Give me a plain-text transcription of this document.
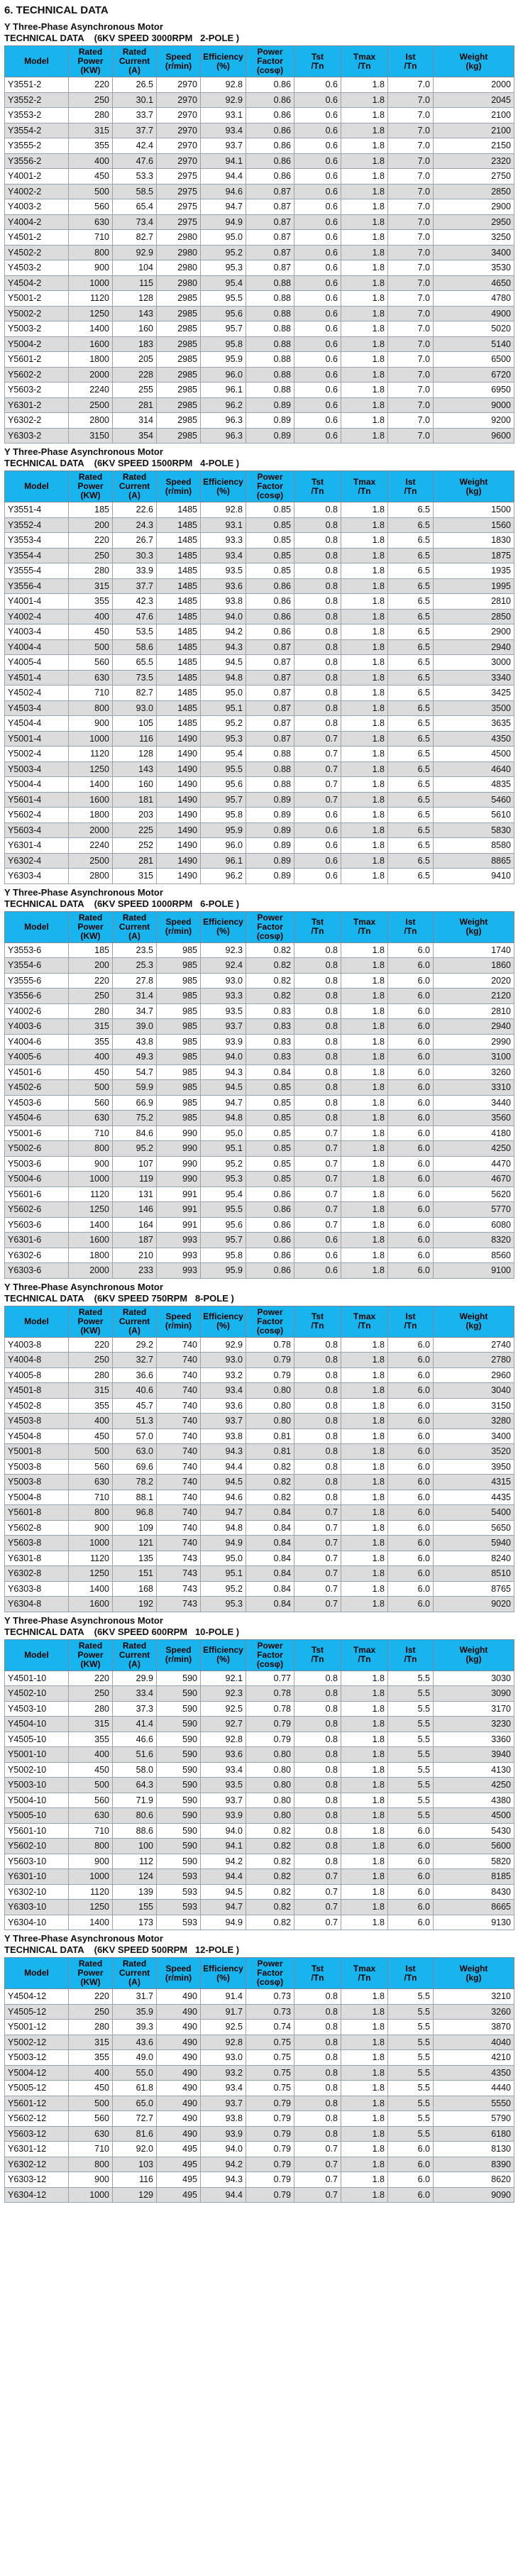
6. TECHNICAL DATA
Y Three-Phase Asynchronous Motor
TECHNICAL DATA    (6KV SPEED 3000RPM   2-POLE )
Model	Rated
Power
(KW)	Rated
Current
(A)	Speed
(r/min)	Efficiency
(%)	Power
Factor
(cosφ)	Tst
/Tn	Tmax
/Tn	Ist
/Tn	Weight
(kg)

Y3551-2	220	26.5	2970	92.8	0.86	0.6	1.8	7.0	2000
Y3552-2	250	30.1	2970	92.9	0.86	0.6	1.8	7.0	2045
Y3553-2	280	33.7	2970	93.1	0.86	0.6	1.8	7.0	2100
Y3554-2	315	37.7	2970	93.4	0.86	0.6	1.8	7.0	2100
Y3555-2	355	42.4	2970	93.7	0.86	0.6	1.8	7.0	2150
Y3556-2	400	47.6	2970	94.1	0.86	0.6	1.8	7.0	2320
Y4001-2	450	53.3	2975	94.4	0.86	0.6	1.8	7.0	2750
Y4002-2	500	58.5	2975	94.6	0.87	0.6	1.8	7.0	2850
Y4003-2	560	65.4	2975	94.7	0.87	0.6	1.8	7.0	2900
Y4004-2	630	73.4	2975	94.9	0.87	0.6	1.8	7.0	2950
Y4501-2	710	82.7	2980	95.0	0.87	0.6	1.8	7.0	3250
Y4502-2	800	92.9	2980	95.2	0.87	0.6	1.8	7.0	3400
Y4503-2	900	104	2980	95.3	0.87	0.6	1.8	7.0	3530
Y4504-2	1000	115	2980	95.4	0.88	0.6	1.8	7.0	4650
Y5001-2	1120	128	2985	95.5	0.88	0.6	1.8	7.0	4780
Y5002-2	1250	143	2985	95.6	0.88	0.6	1.8	7.0	4900
Y5003-2	1400	160	2985	95.7	0.88	0.6	1.8	7.0	5020
Y5004-2	1600	183	2985	95.8	0.88	0.6	1.8	7.0	5140
Y5601-2	1800	205	2985	95.9	0.88	0.6	1.8	7.0	6500
Y5602-2	2000	228	2985	96.0	0.88	0.6	1.8	7.0	6720
Y5603-2	2240	255	2985	96.1	0.88	0.6	1.8	7.0	6950
Y6301-2	2500	281	2985	96.2	0.89	0.6	1.8	7.0	9000
Y6302-2	2800	314	2985	96.3	0.89	0.6	1.8	7.0	9200
Y6303-2	3150	354	2985	96.3	0.89	0.6	1.8	7.0	9600
Y Three-Phase Asynchronous Motor
TECHNICAL DATA    (6KV SPEED 1500RPM   4-POLE )
Model	Rated
Power
(KW)	Rated
Current
(A)	Speed
(r/min)	Efficiency
(%)	Power
Factor
(cosφ)	Tst
/Tn	Tmax
/Tn	Ist
/Tn	Weight
(kg)

Y3551-4	185	22.6	1485	92.8	0.85	0.8	1.8	6.5	1500
Y3552-4	200	24.3	1485	93.1	0.85	0.8	1.8	6.5	1560
Y3553-4	220	26.7	1485	93.3	0.85	0.8	1.8	6.5	1830
Y3554-4	250	30.3	1485	93.4	0.85	0.8	1.8	6.5	1875
Y3555-4	280	33.9	1485	93.5	0.85	0.8	1.8	6.5	1935
Y3556-4	315	37.7	1485	93.6	0.86	0.8	1.8	6.5	1995
Y4001-4	355	42.3	1485	93.8	0.86	0.8	1.8	6.5	2810
Y4002-4	400	47.6	1485	94.0	0.86	0.8	1.8	6.5	2850
Y4003-4	450	53.5	1485	94.2	0.86	0.8	1.8	6.5	2900
Y4004-4	500	58.6	1485	94.3	0.87	0.8	1.8	6.5	2940
Y4005-4	560	65.5	1485	94.5	0.87	0.8	1.8	6.5	3000
Y4501-4	630	73.5	1485	94.8	0.87	0.8	1.8	6.5	3340
Y4502-4	710	82.7	1485	95.0	0.87	0.8	1.8	6.5	3425
Y4503-4	800	93.0	1485	95.1	0.87	0.8	1.8	6.5	3500
Y4504-4	900	105	1485	95.2	0.87	0.8	1.8	6.5	3635
Y5001-4	1000	116	1490	95.3	0.87	0.7	1.8	6.5	4350
Y5002-4	1120	128	1490	95.4	0.88	0.7	1.8	6.5	4500
Y5003-4	1250	143	1490	95.5	0.88	0.7	1.8	6.5	4640
Y5004-4	1400	160	1490	95.6	0.88	0.7	1.8	6.5	4835
Y5601-4	1600	181	1490	95.7	0.89	0.7	1.8	6.5	5460
Y5602-4	1800	203	1490	95.8	0.89	0.6	1.8	6.5	5610
Y5603-4	2000	225	1490	95.9	0.89	0.6	1.8	6.5	5830
Y6301-4	2240	252	1490	96.0	0.89	0.6	1.8	6.5	8580
Y6302-4	2500	281	1490	96.1	0.89	0.6	1.8	6.5	8865
Y6303-4	2800	315	1490	96.2	0.89	0.6	1.8	6.5	9410
Y Three-Phase Asynchronous Motor
TECHNICAL DATA    (6KV SPEED 1000RPM   6-POLE )
Model	Rated
Power
(KW)	Rated
Current
(A)	Speed
(r/min)	Efficiency
(%)	Power
Factor
(cosφ)	Tst
/Tn	Tmax
/Tn	Ist
/Tn	Weight
(kg)

Y3553-6	185	23.5	985	92.3	0.82	0.8	1.8	6.0	1740
Y3554-6	200	25.3	985	92.4	0.82	0.8	1.8	6.0	1860
Y3555-6	220	27.8	985	93.0	0.82	0.8	1.8	6.0	2020
Y3556-6	250	31.4	985	93.3	0.82	0.8	1.8	6.0	2120
Y4002-6	280	34.7	985	93.5	0.83	0.8	1.8	6.0	2810
Y4003-6	315	39.0	985	93.7	0.83	0.8	1.8	6.0	2940
Y4004-6	355	43.8	985	93.9	0.83	0.8	1.8	6.0	2990
Y4005-6	400	49.3	985	94.0	0.83	0.8	1.8	6.0	3100
Y4501-6	450	54.7	985	94.3	0.84	0.8	1.8	6.0	3260
Y4502-6	500	59.9	985	94.5	0.85	0.8	1.8	6.0	3310
Y4503-6	560	66.9	985	94.7	0.85	0.8	1.8	6.0	3440
Y4504-6	630	75.2	985	94.8	0.85	0.8	1.8	6.0	3560
Y5001-6	710	84.6	990	95.0	0.85	0.7	1.8	6.0	4180
Y5002-6	800	95.2	990	95.1	0.85	0.7	1.8	6.0	4250
Y5003-6	900	107	990	95.2	0.85	0.7	1.8	6.0	4470
Y5004-6	1000	119	990	95.3	0.85	0.7	1.8	6.0	4670
Y5601-6	1120	131	991	95.4	0.86	0.7	1.8	6.0	5620
Y5602-6	1250	146	991	95.5	0.86	0.7	1.8	6.0	5770
Y5603-6	1400	164	991	95.6	0.86	0.7	1.8	6.0	6080
Y6301-6	1600	187	993	95.7	0.86	0.6	1.8	6.0	8320
Y6302-6	1800	210	993	95.8	0.86	0.6	1.8	6.0	8560
Y6303-6	2000	233	993	95.9	0.86	0.6	1.8	6.0	9100
Y Three-Phase Asynchronous Motor
TECHNICAL DATA    (6KV SPEED 750RPM   8-POLE )
Model	Rated
Power
(KW)	Rated
Current
(A)	Speed
(r/min)	Efficiency
(%)	Power
Factor
(cosφ)	Tst
/Tn	Tmax
/Tn	Ist
/Tn	Weight
(kg)

Y4003-8	220	29.2	740	92.9	0.78	0.8	1.8	6.0	2740
Y4004-8	250	32.7	740	93.0	0.79	0.8	1.8	6.0	2780
Y4005-8	280	36.6	740	93.2	0.79	0.8	1.8	6.0	2960
Y4501-8	315	40.6	740	93.4	0.80	0.8	1.8	6.0	3040
Y4502-8	355	45.7	740	93.6	0.80	0.8	1.8	6.0	3150
Y4503-8	400	51.3	740	93.7	0.80	0.8	1.8	6.0	3280
Y4504-8	450	57.0	740	93.8	0.81	0.8	1.8	6.0	3400
Y5001-8	500	63.0	740	94.3	0.81	0.8	1.8	6.0	3520
Y5003-8	560	69.6	740	94.4	0.82	0.8	1.8	6.0	3950
Y5003-8	630	78.2	740	94.5	0.82	0.8	1.8	6.0	4315
Y5004-8	710	88.1	740	94.6	0.82	0.8	1.8	6.0	4435
Y5601-8	800	96.8	740	94.7	0.84	0.7	1.8	6.0	5400
Y5602-8	900	109	740	94.8	0.84	0.7	1.8	6.0	5650
Y5603-8	1000	121	740	94.9	0.84	0.7	1.8	6.0	5940
Y6301-8	1120	135	743	95.0	0.84	0.7	1.8	6.0	8240
Y6302-8	1250	151	743	95.1	0.84	0.7	1.8	6.0	8510
Y6303-8	1400	168	743	95.2	0.84	0.7	1.8	6.0	8765
Y6304-8	1600	192	743	95.3	0.84	0.7	1.8	6.0	9020
Y Three-Phase Asynchronous Motor
TECHNICAL DATA    (6KV SPEED 600RPM   10-POLE )
Model	Rated
Power
(KW)	Rated
Current
(A)	Speed
(r/min)	Efficiency
(%)	Power
Factor
(cosφ)	Tst
/Tn	Tmax
/Tn	Ist
/Tn	Weight
(kg)

Y4501-10	220	29.9	590	92.1	0.77	0.8	1.8	5.5	3030
Y4502-10	250	33.4	590	92.3	0.78	0.8	1.8	5.5	3090
Y4503-10	280	37.3	590	92.5	0.78	0.8	1.8	5.5	3170
Y4504-10	315	41.4	590	92.7	0.79	0.8	1.8	5.5	3230
Y4505-10	355	46.6	590	92.8	0.79	0.8	1.8	5.5	3360
Y5001-10	400	51.6	590	93.6	0.80	0.8	1.8	5.5	3940
Y5002-10	450	58.0	590	93.4	0.80	0.8	1.8	5.5	4130
Y5003-10	500	64.3	590	93.5	0.80	0.8	1.8	5.5	4250
Y5004-10	560	71.9	590	93.7	0.80	0.8	1.8	5.5	4380
Y5005-10	630	80.6	590	93.9	0.80	0.8	1.8	5.5	4500
Y5601-10	710	88.6	590	94.0	0.82	0.8	1.8	6.0	5430
Y5602-10	800	100	590	94.1	0.82	0.8	1.8	6.0	5600
Y5603-10	900	112	590	94.2	0.82	0.8	1.8	6.0	5820
Y6301-10	1000	124	593	94.4	0.82	0.7	1.8	6.0	8185
Y6302-10	1120	139	593	94.5	0.82	0.7	1.8	6.0	8430
Y6303-10	1250	155	593	94.7	0.82	0.7	1.8	6.0	8665
Y6304-10	1400	173	593	94.9	0.82	0.7	1.8	6.0	9130
Y Three-Phase Asynchronous Motor
TECHNICAL DATA    (6KV SPEED 500RPM   12-POLE )
Model	Rated
Power
(KW)	Rated
Current
(A)	Speed
(r/min)	Efficiency
(%)	Power
Factor
(cosφ)	Tst
/Tn	Tmax
/Tn	Ist
/Tn	Weight
(kg)

Y4504-12	220	31.7	490	91.4	0.73	0.8	1.8	5.5	3210
Y4505-12	250	35.9	490	91.7	0.73	0.8	1.8	5.5	3260
Y5001-12	280	39.3	490	92.5	0.74	0.8	1.8	5.5	3870
Y5002-12	315	43.6	490	92.8	0.75	0.8	1.8	5.5	4040
Y5003-12	355	49.0	490	93.0	0.75	0.8	1.8	5.5	4210
Y5004-12	400	55.0	490	93.2	0.75	0.8	1.8	5.5	4350
Y5005-12	450	61.8	490	93.4	0.75	0.8	1.8	5.5	4440
Y5601-12	500	65.0	490	93.7	0.79	0.8	1.8	5.5	5550
Y5602-12	560	72.7	490	93.8	0.79	0.8	1.8	5.5	5790
Y5603-12	630	81.6	490	93.9	0.79	0.8	1.8	5.5	6180
Y6301-12	710	92.0	495	94.0	0.79	0.7	1.8	6.0	8130
Y6302-12	800	103	495	94.2	0.79	0.7	1.8	6.0	8390
Y6303-12	900	116	495	94.3	0.79	0.7	1.8	6.0	8620
Y6304-12	1000	129	495	94.4	0.79	0.7	1.8	6.0	9090
